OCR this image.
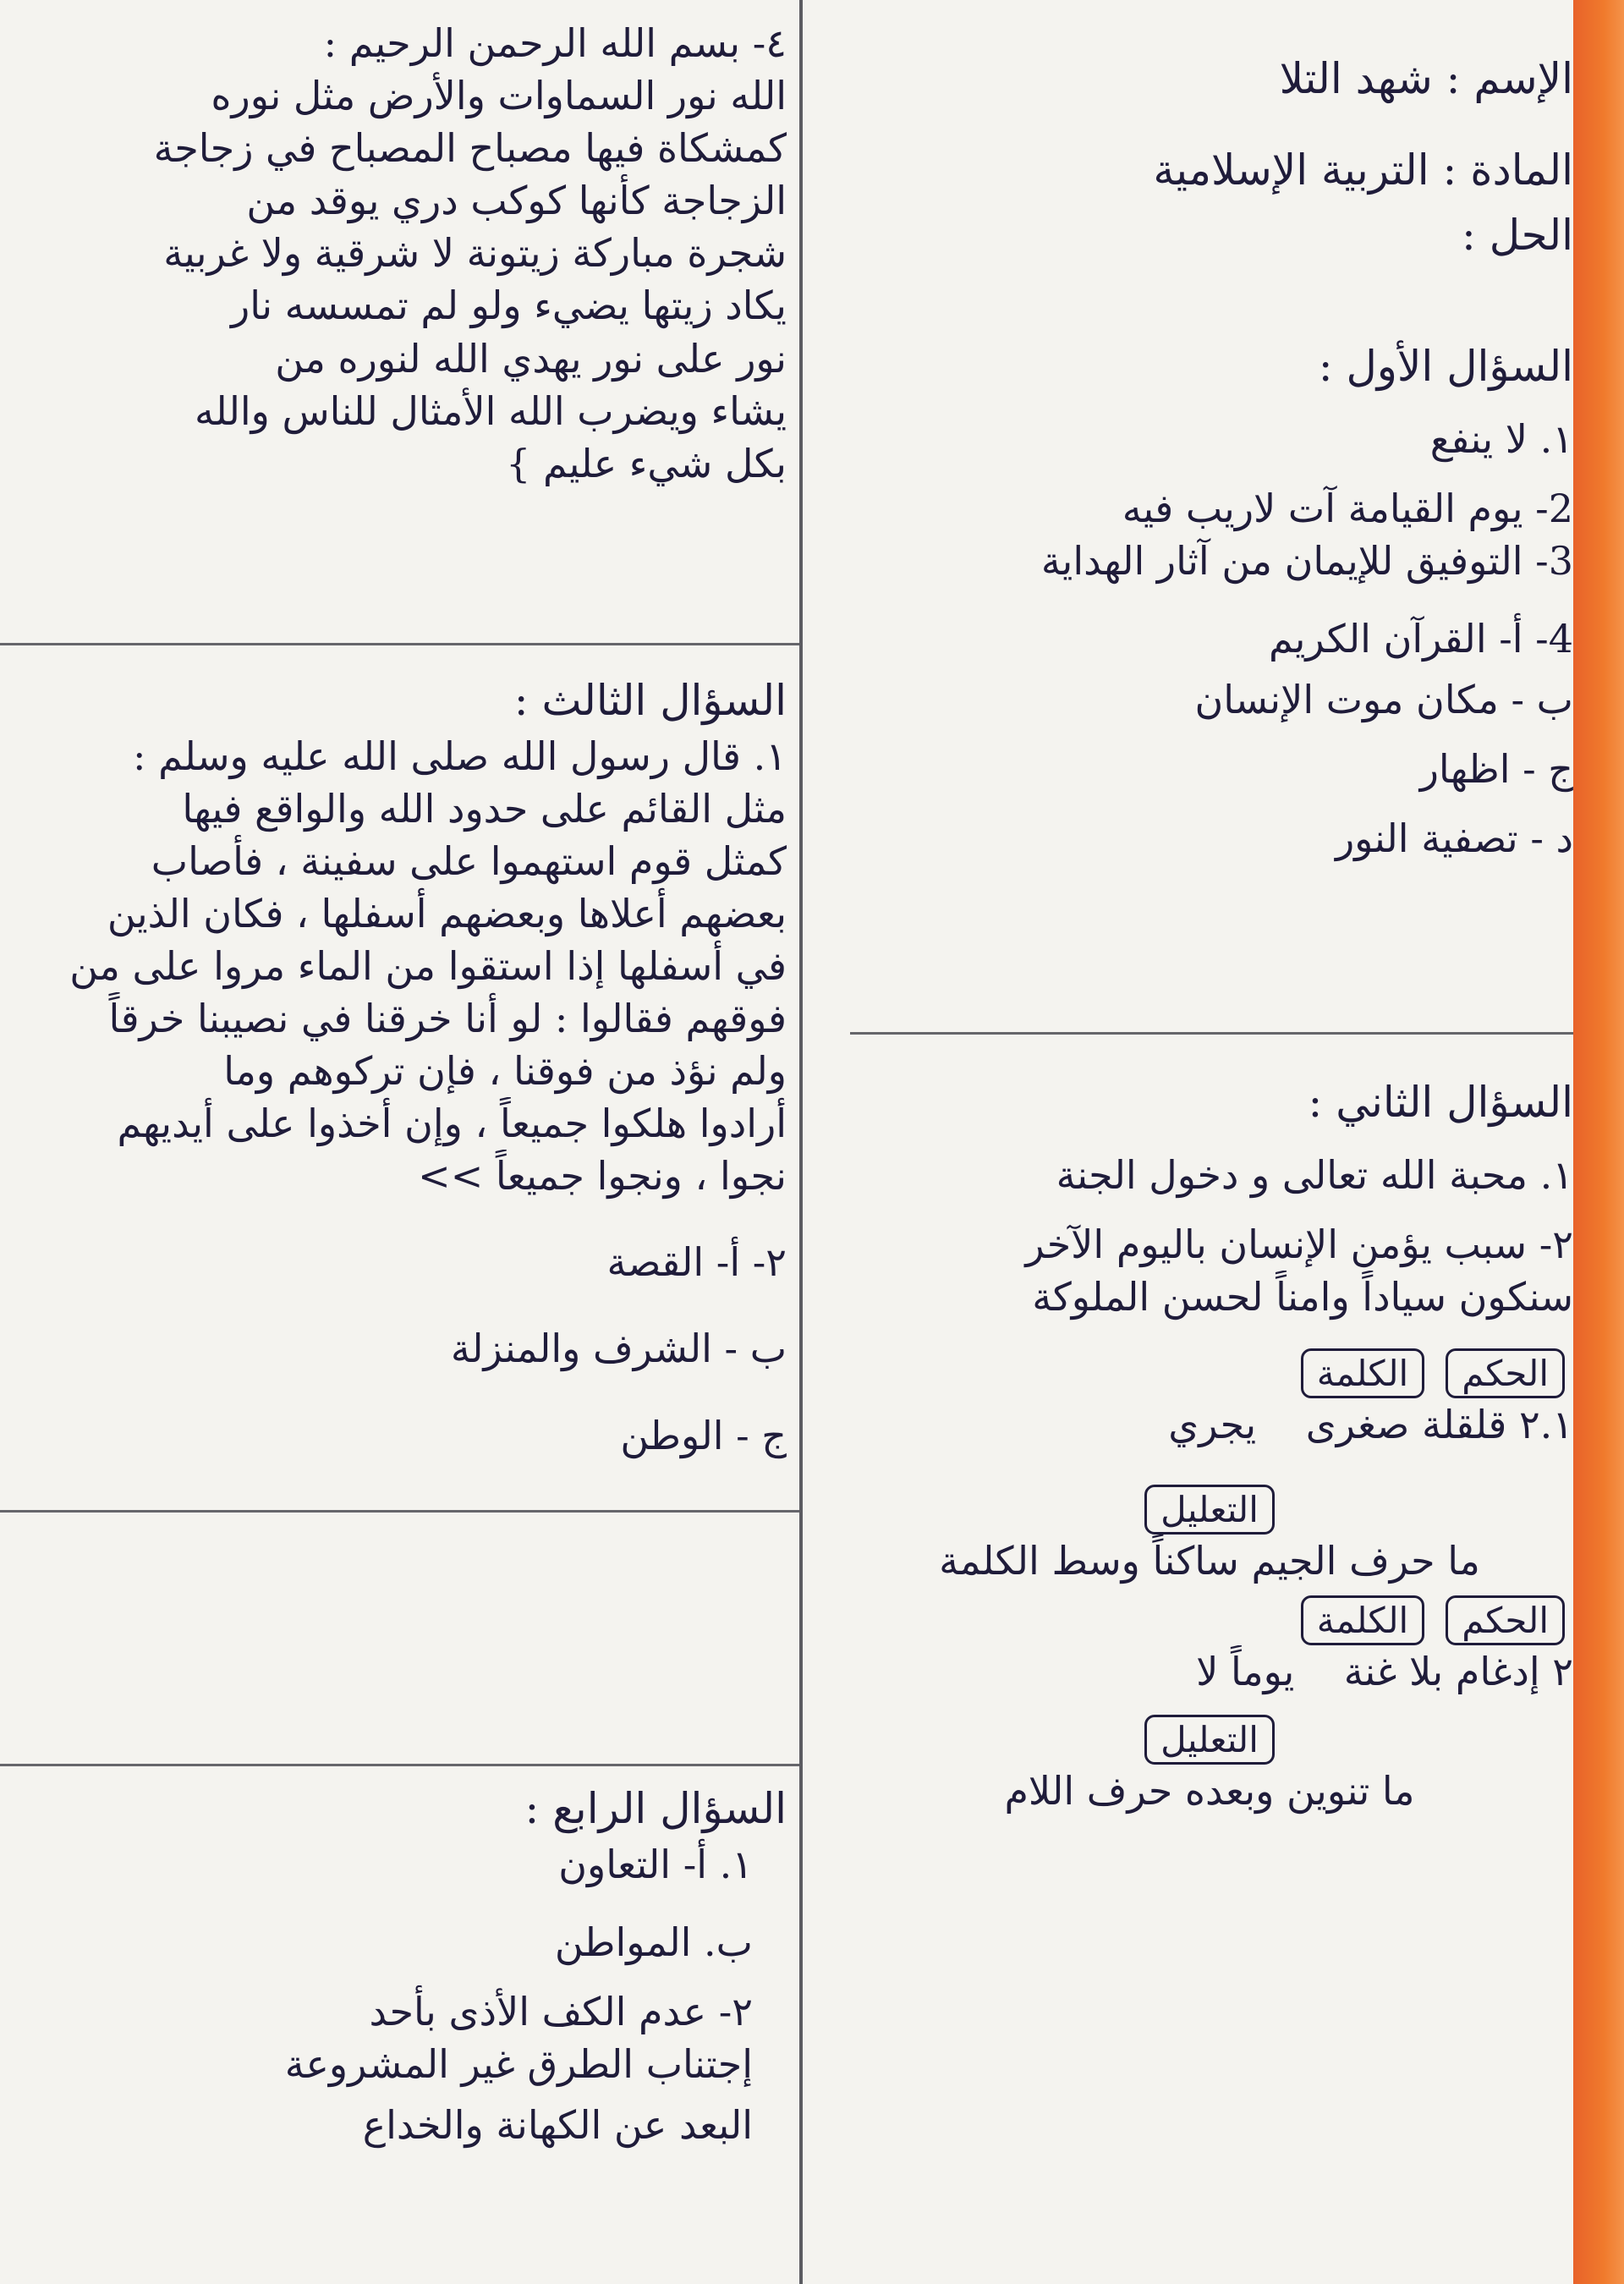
الإسم : شهد التلا
المادة : التربية الإسلامية
الحل :
السؤال الأول :
١. لا ينفع
2- يوم القيامة آت لاريب فيه
3- التوفيق للإيمان من آثار الهداية
4- أ- القرآن الكريم
ب - مكان موت الإنسان
ج - اظهار
د - تصفية النور
السؤال الثاني :
١. محبة الله تعالى و دخول الجنة
٢- سبب يؤمن الإنسان باليوم الآخر
سنكون سياداً وامناً لحسن الملوكة
الحكم الكلمة
٢.١ قلقلة صغرى    يجري
التعليل
ما حرف الجيم ساكناً وسط الكلمة
الحكم الكلمة
٢ إدغام بلا غنة    يوماً لا
التعليل
ما تنوين وبعده حرف اللام
٤- بسم الله الرحمن الرحيم :
الله نور السماوات والأرض مثل نوره
كمشكاة فيها مصباح المصباح في زجاجة
الزجاجة كأنها كوكب دري يوقد من
شجرة مباركة زيتونة لا شرقية ولا غربية
يكاد زيتها يضيء ولو لم تمسسه نار
نور على نور يهدي الله لنوره من
يشاء ويضرب الله الأمثال للناس والله
بكل شيء عليم }
السؤال الثالث :
١. قال رسول الله صلى الله عليه وسلم :
مثل القائم على حدود الله والواقع فيها
كمثل قوم استهموا على سفينة ، فأصاب
بعضهم أعلاها وبعضهم أسفلها ، فكان الذين
في أسفلها إذا استقوا من الماء مروا على من
فوقهم فقالوا : لو أنا خرقنا في نصيبنا خرقاً
ولم نؤذ من فوقنا ، فإن تركوهم وما
أرادوا هلكوا جميعاً ، وإن أخذوا على أيديهم
نجوا ، ونجوا جميعاً >>
٢- أ- القصة
ب - الشرف والمنزلة
ج - الوطن
السؤال الرابع :
١. أ- التعاون
ب. المواطن
٢- عدم الكف الأذى بأحد
إجتناب الطرق غير المشروعة
البعد عن الكهانة والخداع
